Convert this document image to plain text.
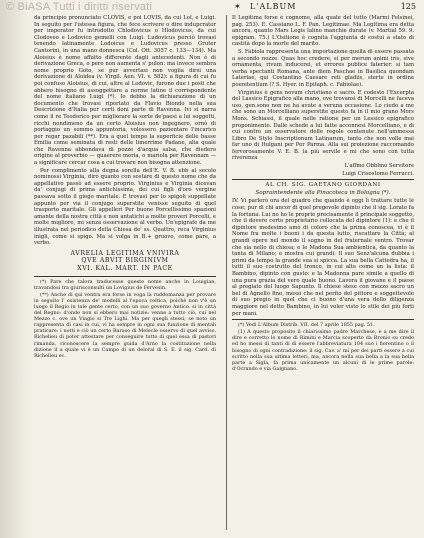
© BiASA Tutti i diritti riservati	✶ L'ALBUM	125

da principio pronunciato CLOVIS, e poi LOVIS, da cui Loï, e Luigi. In seguito per l'istessa figura, che fece scrivere o dire indupcrator per imperator fu introdotto Chlodovicus o Hlodovicus, da cui Clodoveo e Lodovico gemelli con Luigi. Ludovicus perciò trovasi tenendo latinamente Lodoicus e Ludovicus presso Gruter Cantorini, in una mano donnesca (Col. Ott. 3057 c. 133—134). Ma Aloisius è nome affatto differente dagli antecedenti. Non è di derivazione Greca, o pero non aumenta s' pulon: ma invece sembra nome proprio Goto, se pur avvertasi non voglia dirsi una derivazione di Aloidea (v. Virgil. Aen. VI. v. 582): a figura di cui fu poi confuso Aloisius, di cui, altre al Lodovic, furono due i posti che abbero bisogno di assoggettare a norme latine il corrispondente del nome italiano Luigi (*). Io debbo la dichiarazione di un documento che trovasi riportato da Flavio Biondo nella sua Descrizione d'Italia per certi doni parte di Ravenna. Ivi si narra come il re Teodorico per migliorare la sorte de'paesi a lui soggetti, ricchi nondimeno da un certo Aloisius non ingegnero, ornò di portaggio un sommo appuntoria, volessero pazientare l'incarico per regar pazabili (**). Era a quel tempo la superficie delle basse Emilia come seminata di resti delle limerrime Padane, alia quale che Ravenna abbondava di pozze d'acqua salsa, che diedero origine al proverbio — quaerere moria, o mariola per Ravennam — a significare cercar cosa a cui trovare non bisogna attenzione.

Per complimento alla degna sorella dell'E. V. B. ebb al secolo nominossi Virginia, dirò quanto con sostare di questo nome che da appellativo passò ad essere proprio. Virginius e Virginia dicevan da' conjugi di prima antichissima, dei cui figli d'oro vergine passava sotto il giogo maritale. E trovasi per lo spigoli suppellate appunto per via il conjugo superstite venisse seguito di quel trasporto maritale. Gli appelleri Per buone Porcellissimo spazioni amante della nostra città e non antatichi a molte proveri Porcelli, e molte migliore, mi senza osservazione al verbo. Un'epigrafe da me illustrata nel periodico della Chiesa de' ss. Quattro, reca Virginius inigli, come si spigo. Ma si volga in B.+ gruovo, come pare, a verbo.

AVRELIA LEGITIMA VNIVIRA
QVE ABVIT BIRGINIVM
XVI. KAL. MART. IN PACE

(*) Pare che talora traducesse queste nome anche in Louigian, travandosi tra giurisconsulti un Lovigius de Fervesin.

(**) Anche di qui ventra era forse in voga la ruddomanza per provare in seguito l' esistenza de' modelli al l'epoca celtica, poichè non v'è un luogo il Regio in tale gente certo, con un suo governo Antico. si in città del Regno: d'onde non si ebbero mai notizie: venne a tutto ciò, cui nel Mezzo c. ove un Viagio si Tre Lighi. Ma per quegli stessi; se noto un rappresenta di casi in cui, vi ha sempre in ogni sua funzione di mentali praticare: i notti e ciò un certo Baraso di Melecle osservo di quel avviso. Richelieu di poter attestare per conseguire tutto di quel essa di pastori rimanda, riconoscere la sempre guida d'Arno la costituzione nella dizione il a quale vi è un Campo di un deloral di S. E. il sig. Card. di Richelieu ec.

Il Legitima forse è cognome, alla quale del tutto (Marmi Felsinei, pag. 253). E. Cassiano L. F. Pan. Legitimae. Ma Legitima era detta ancora, quanto Mars Legis lalino manchie durate (v. Martial 59. 9. epigram. 75.) L'Ositione è cognita l'aggiunta di costui a stato di castità dopo la morte del marito.

S. Fabiola rappresenta una importazione quella di essere passata a secondo nozze. Quas hoc credere, si per merum animi iris, sive ornamenta, rivum inducerei, et errores publice faterier: si tam verba spectanti Romana, ante diem Paschae in Basilica quondam Lateriae, qui Costantino Caesare reti gladiis, sterte in ordine poenitentium (? S. Hyer. in Epitaph. c. Fabiolae).

Virginius è gens novum christiano e sacro. E codesto l'Excerpta del Lassico Epigrafico alla mano, ove trovansi di Morcelli ne faceva uso, gen.sono non ne ha avute a veruna occasione. Lo ciedo a me che sono un Morcelliano superstite questo fa in il mio grano Mors Mons. Schiassi, il quale nelle ratione per un Lessico epigrafico proponimento. Dalle schede a lui fatte accennesi Morcelliano, e di cui contro un osservatore delle regole contenute nell'ammessa Libro De Stylo Inscriptionum Latinarum, tanto che non volle mai far uno di Itulgani per Per Parma. Alla sui proiezione raccomando fervorosamente V. E. B. la più servile e mi che sono con tutta riverenza

L'affmo Obblmo Servitore

Luigi Crisostomo Ferrucci.

AL CH. SIG. GAETANO GIORDANI
Sopraintendente alla Pinacoteca in Bologna (*).

IV. Vi parlerò ora del quadro che quando è oggi lì trattare tutte le cose; pur di chi ancor di quel pregevole dipinto che il sig. Lorato fa la fortuna. Lui no ho le proprie precisamente il principale soggetto, che il dovere certo proprietario collocata del dipintore (1): e che il dipintore medesimo amò di coloro che la prima conoscea, vi è il Nome fra molte i buoni i da questa lutto, riscattare la Città; al grandi opere nel mondo il sogno in del fraternale ventro. Trovar che sia nello di chiesa; e le Madona Sua ambientica, da quanto la tanta di Milano; e mostra cui grandi. Il suo Senz'alcuna dubbia i primi da tempo la grande sua si spicca. La sua bella Cattedra ha, il tutti il suo costrutto del tronco, in cui alto come un la lista: il Bambino, dipinto con gusto: e la Madonna pare simile a quello di una pura grazia del vero quale buono. Lavora il giovane e il paese al pregiato del luogo Sapunto. Il chiese stese con mezzo sacro un bel di Agnello fino, messi che nel perito del pittore e soggettevole di suo pregio in quel che ci buono d'una vera dello diligenza maggiore nel detto Bambino, in lui voler visto lo stile dei più forti per mani.

(*) Vedi L'Album Distrib. VII. del 7 aprile 1855 pag. 51.

(1) A questo proposito il chiarissimo padre Marchese, e a me dire il dire e corretto lo nome di Rimini e Marcia scoperto da Bronio su credo ed ho messi di tanti di di essere l'abbreviatura 104 suo i fiorentino o il bisogno di ogni contradizione: il sig. Cav. a' mi per dei parti essere a cui scritto nella sua ultima letteri, ma, ancora nella sua bella a la sua bella parte a Sigla, fa prima unicamente un alcuni di le prime parole: d'Ocrando e via Galgnano.
